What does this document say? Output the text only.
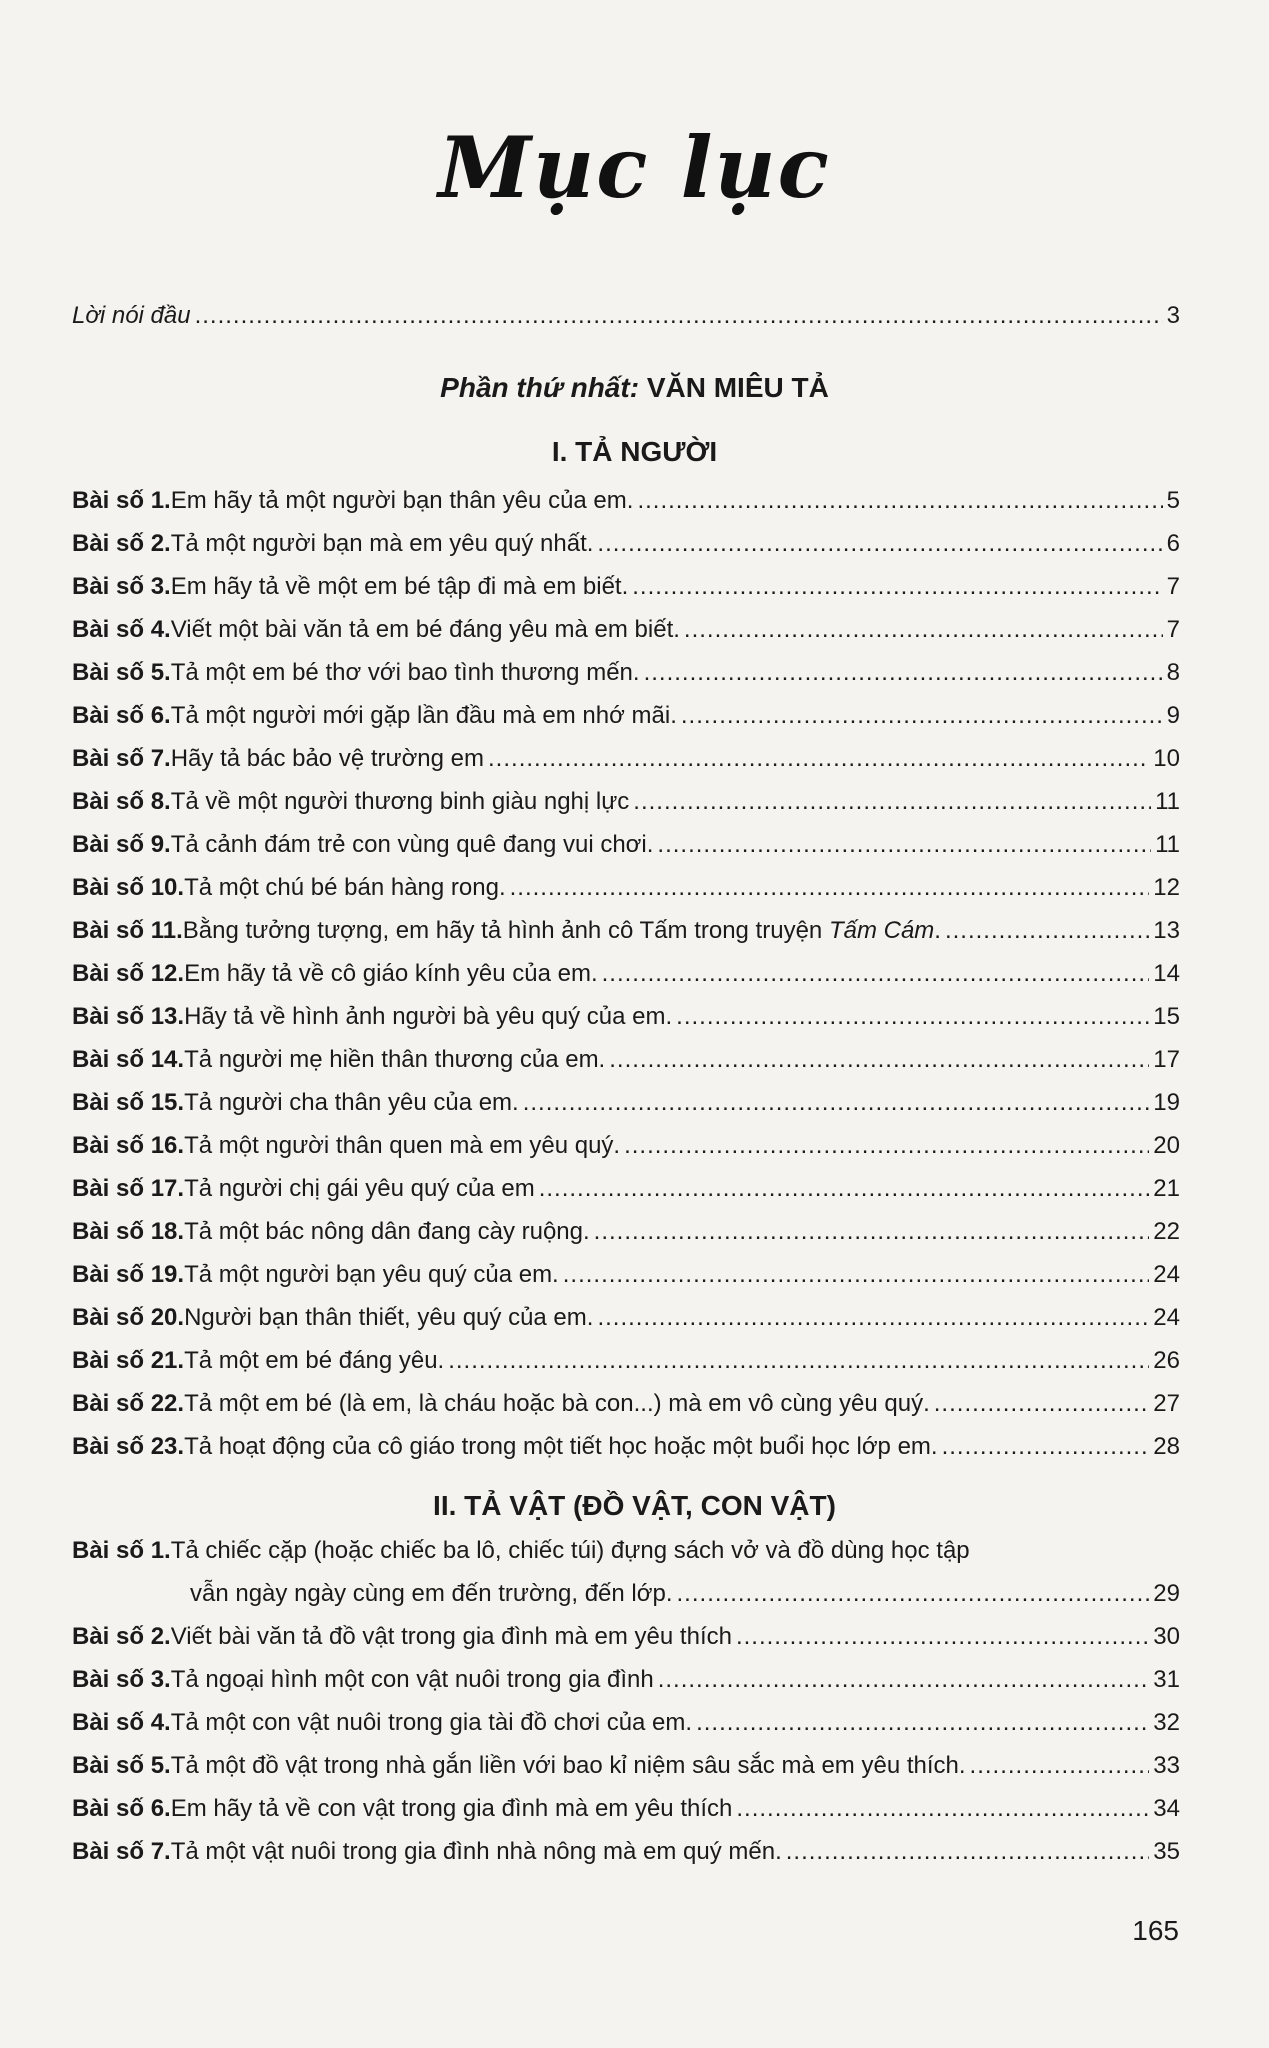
Mục lục
Lời nói đầu .....	3
Phần thứ nhất: VĂN MIÊU TẢ
I. TẢ NGƯỜI
Bài số 1. Em hãy tả một người bạn thân yêu của em. .....	5
Bài số 2. Tả một người bạn mà em yêu quý nhất. .....	6
Bài số 3. Em hãy tả về một em bé tập đi mà em biết. .....	7
Bài số 4. Viết một bài văn tả em bé đáng yêu mà em biết. .....	7
Bài số 5. Tả một em bé thơ với bao tình thương mến. .....	8
Bài số 6. Tả một người mới gặp lần đầu mà em nhớ mãi. .....	9
Bài số 7. Hãy tả bác bảo vệ trường em .....	10
Bài số 8. Tả về một người thương binh giàu nghị lực .....	11
Bài số 9. Tả cảnh đám trẻ con vùng quê đang vui chơi. .....	11
Bài số 10. Tả một chú bé bán hàng rong. .....	12
Bài số 11. Bằng tưởng tượng, em hãy tả hình ảnh cô Tấm trong truyện Tấm Cám. .....	13
Bài số 12. Em hãy tả về cô giáo kính yêu của em. .....	14
Bài số 13. Hãy tả về hình ảnh người bà yêu quý của em. .....	15
Bài số 14. Tả người mẹ hiền thân thương của em. .....	17
Bài số 15. Tả người cha thân yêu của em. .....	19
Bài số 16. Tả một người thân quen mà em yêu quý. .....	20
Bài số 17. Tả người chị gái yêu quý của em .....	21
Bài số 18. Tả một bác nông dân đang cày ruộng. .....	22
Bài số 19. Tả một người bạn yêu quý của em. .....	24
Bài số 20. Người bạn thân thiết, yêu quý của em. .....	24
Bài số 21. Tả một em bé đáng yêu. .....	26
Bài số 22. Tả một em bé (là em, là cháu hoặc bà con...) mà em vô cùng yêu quý. .....	27
Bài số 23. Tả hoạt động của cô giáo trong một tiết học hoặc một buổi học lớp em. .....	28
II. TẢ VẬT (ĐỒ VẬT, CON VẬT)
Bài số 1. Tả chiếc cặp (hoặc chiếc ba lô, chiếc túi) đựng sách vở và đồ dùng học tập
vẫn ngày ngày cùng em đến trường, đến lớp. .....	29
Bài số 2. Viết bài văn tả đồ vật trong gia đình mà em yêu thích .....	30
Bài số 3. Tả ngoại hình một con vật nuôi trong gia đình .....	31
Bài số 4. Tả một con vật nuôi trong gia tài đồ chơi của em. .....	32
Bài số 5. Tả một đồ vật trong nhà gắn liền với bao kỉ niệm sâu sắc mà em yêu thích. .....	33
Bài số 6. Em hãy tả về con vật trong gia đình mà em yêu thích .....	34
Bài số 7. Tả một vật nuôi trong gia đình nhà nông mà em quý mến. .....	35
165
